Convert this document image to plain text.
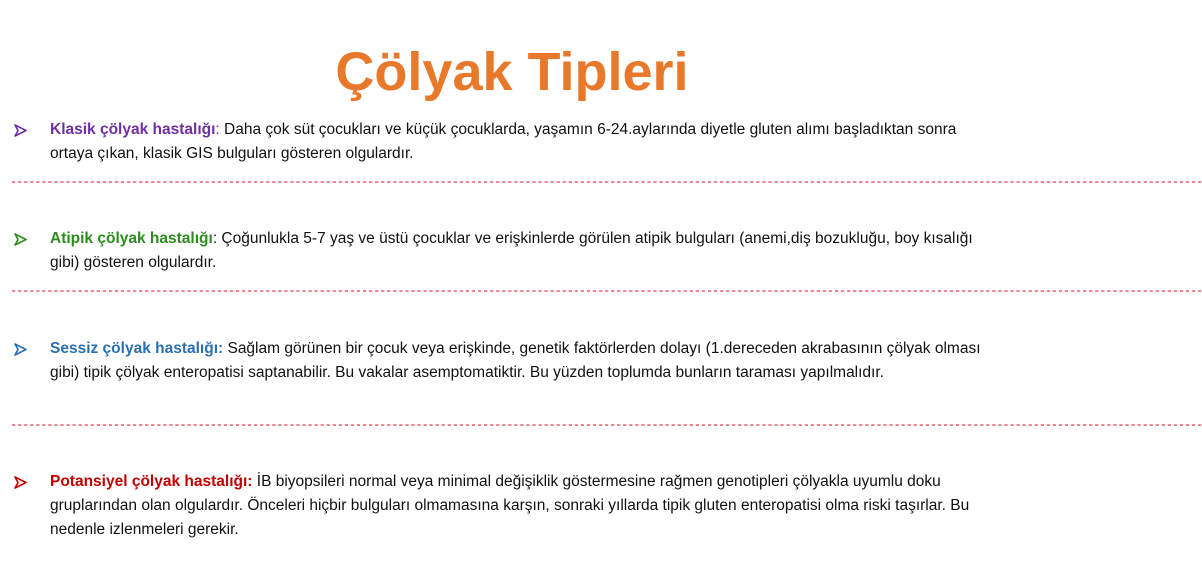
Çölyak Tipleri
Klasik çölyak hastalığı: Daha çok süt çocukları ve küçük çocuklarda, yaşamın 6-24.aylarında diyetle gluten alımı başladıktan sonra ortaya çıkan, klasik GIS bulguları gösteren olgulardır.
-----------------------------------------------------------------------------------------------------------------------------------------------------------------------------------------------------
Atipik çölyak hastalığı: Çoğunlukla 5-7 yaş ve üstü çocuklar ve erişkinlerde görülen atipik bulguları (anemi,diş bozukluğu, boy kısalığı gibi) gösteren olgulardır.
-----------------------------------------------------------------------------------------------------------------------------------------------------------------------------------------------------
Sessiz çölyak hastalığı: Sağlam görünen bir çocuk veya erişkinde, genetik faktörlerden dolayı (1.dereceden akrabasının çölyak olması gibi) tipik çölyak enteropatisi saptanabilir. Bu vakalar asemptomatiktir. Bu yüzden toplumda bunların taraması yapılmalıdır.
-----------------------------------------------------------------------------------------------------------------------------------------------------------------------------------------------------
Potansiyel çölyak hastalığı: İB biyopsileri normal veya minimal değişiklik göstermesine rağmen genotipleri çölyakla uyumlu doku gruplarından olan olgulardır. Önceleri hiçbir bulguları olmamasına karşın, sonraki yıllarda tipik gluten enteropatisi olma riski taşırlar. Bu nedenle izlenmeleri gerekir.
